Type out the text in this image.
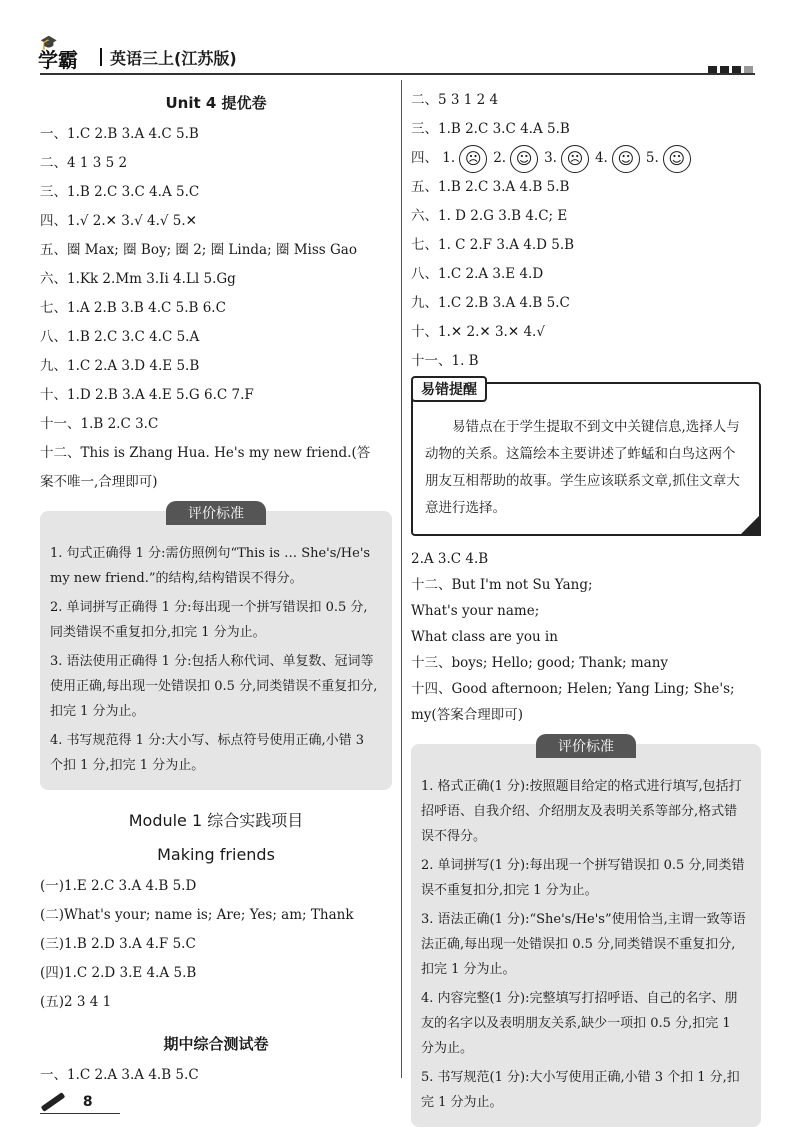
🎓
学霸 英语三上(江苏版)
Unit 4 提优卷
一、1.C 2.B 3.A 4.C 5.B
二、4 1 3 5 2
三、1.B 2.C 3.C 4.A 5.C
四、1.√ 2.✕ 3.√ 4.√ 5.✕
五、圈 Max; 圈 Boy; 圈 2; 圈 Linda; 圈 Miss Gao
六、1.Kk 2.Mm 3.Ii 4.Ll 5.Gg
七、1.A 2.B 3.B 4.C 5.B 6.C
八、1.B 2.C 3.C 4.C 5.A
九、1.C 2.A 3.D 4.E 5.B
十、1.D 2.B 3.A 4.E 5.G 6.C 7.F
十一、1.B 2.C 3.C
十二、This is Zhang Hua. He's my new friend.(答
案不唯一,合理即可)
评价标准

1. 句式正确得 1 分:需仿照例句“This is … She's/He's my new friend.”的结构,结构错误不得分。

2. 单词拼写正确得 1 分:每出现一个拼写错误扣 0.5 分,同类错误不重复扣分,扣完 1 分为止。

3. 语法使用正确得 1 分:包括人称代词、单复数、冠词等使用正确,每出现一处错误扣 0.5 分,同类错误不重复扣分,扣完 1 分为止。

4. 书写规范得 1 分:大小写、标点符号使用正确,小错 3 个扣 1 分,扣完 1 分为止。

Module 1 综合实践项目
Making friends
(一)1.E 2.C 3.A 4.B 5.D
(二)What's your; name is; Are; Yes; am; Thank
(三)1.B 2.D 3.A 4.F 5.C
(四)1.C 2.D 3.E 4.A 5.B
(五)2 3 4 1
期中综合测试卷
一、1.C 2.A 3.A 4.B 5.C
二、5 3 1 2 4
三、1.B 2.C 3.C 4.A 5.B
四、 1. ☹ 2. ☺ 3. ☹ 4. ☺ 5. ☺
五、1.B 2.C 3.A 4.B 5.B
六、1. D 2.G 3.B 4.C; E
七、1. C 2.F 3.A 4.D 5.B
八、1.C 2.A 3.E 4.D
九、1.C 2.B 3.A 4.B 5.C
十、1.✕ 2.✕ 3.✕ 4.√
十一、1. B
易错提醒

易错点在于学生提取不到文中关键信息,选择人与动物的关系。这篇绘本主要讲述了蚱蜢和白鸟这两个朋友互相帮助的故事。学生应该联系文章,抓住文章大意进行选择。

2.A 3.C 4.B
十二、But I'm not Su Yang;
What's your name;
What class are you in
十三、boys; Hello; good; Thank; many
十四、Good afternoon; Helen; Yang Ling; She's;
my(答案合理即可)
评价标准

1. 格式正确(1 分):按照题目给定的格式进行填写,包括打招呼语、自我介绍、介绍朋友及表明关系等部分,格式错误不得分。

2. 单词拼写(1 分):每出现一个拼写错误扣 0.5 分,同类错误不重复扣分,扣完 1 分为止。

3. 语法正确(1 分):“She's/He's”使用恰当,主谓一致等语法正确,每出现一处错误扣 0.5 分,同类错误不重复扣分,扣完 1 分为止。

4. 内容完整(1 分):完整填写打招呼语、自己的名字、朋友的名字以及表明朋友关系,缺少一项扣 0.5 分,扣完 1 分为止。

5. 书写规范(1 分):大小写使用正确,小错 3 个扣 1 分,扣完 1 分为止。

8
